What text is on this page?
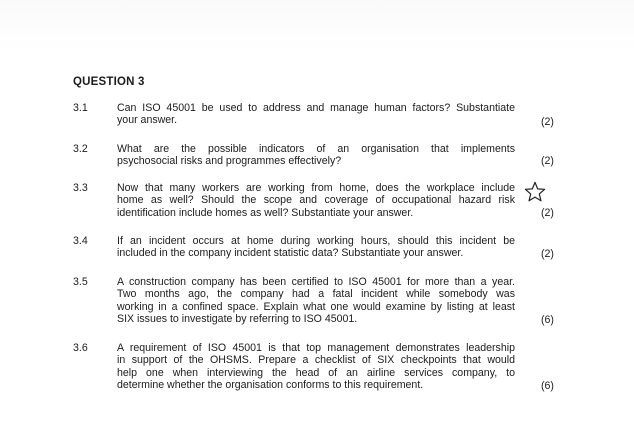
QUESTION 3
3.1	Can ISO 45001 be used to address and manage human factors? Substantiate
your answer.	(2)
3.2	What are the possible indicators of an organisation that implements
psychosocial risks and programmes effectively?	(2)
3.3	Now that many workers are working from home, does the workplace include
home as well? Should the scope and coverage of occupational hazard risk
identification include homes as well? Substantiate your answer.	(2)
3.4	If an incident occurs at home during working hours, should this incident be
included in the company incident statistic data? Substantiate your answer.	(2)
3.5	A construction company has been certified to ISO 45001 for more than a year.
Two months ago, the company had a fatal incident while somebody was
working in a confined space. Explain what one would examine by listing at least
SIX issues to investigate by referring to ISO 45001.	(6)
3.6	A requirement of ISO 45001 is that top management demonstrates leadership
in support of the OHSMS. Prepare a checklist of SIX checkpoints that would
help one when interviewing the head of an airline services company, to
determine whether the organisation conforms to this requirement.	(6)
